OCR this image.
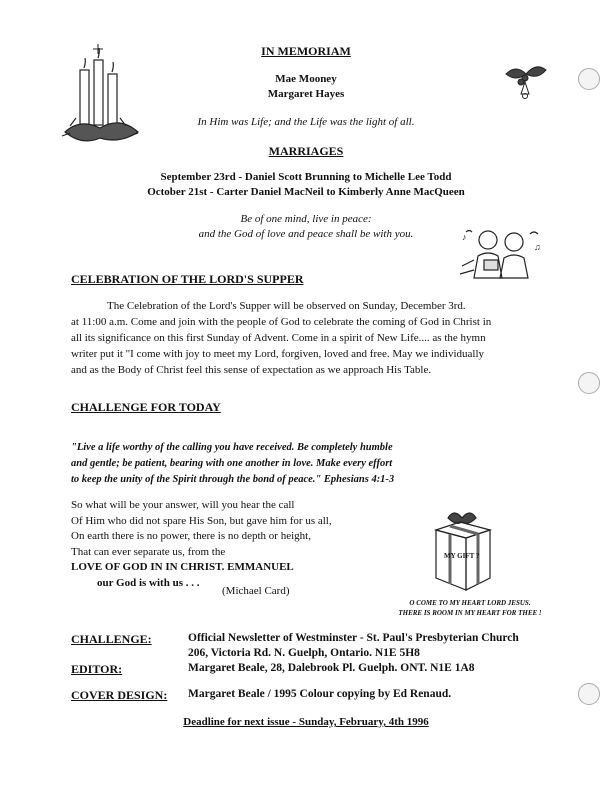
♪
♫
MY GIFT ?
IN MEMORIAM
Mae Mooney
Margaret Hayes
In Him was Life; and the Life was the light of all.
MARRIAGES
September 23rd - Daniel Scott Brunning to Michelle Lee Todd
October 21st - Carter Daniel MacNeil to Kimberly Anne MacQueen
Be of one mind, live in peace:
and the God of love and peace shall be with you.
CELEBRATION OF THE LORD'S SUPPER

The Celebration of the Lord's Supper will be observed on Sunday, December 3rd.

at 11:00 a.m. Come and join with the people of God to celebrate the coming of God in Christ in

all its significance on this first Sunday of Advent. Come in a spirit of New Life.... as the hymn

writer put it "I come with joy to meet my Lord, forgiven, loved and free. May we individually

and as the Body of Christ feel this sense of expectation as we approach His Table.

CHALLENGE FOR TODAY

"Live a life worthy of the calling you have received. Be completely humble

and gentle; be patient, bearing with one another in love. Make every effort

to keep the unity of the Spirit through the bond of peace." Ephesians 4:1-3

So what will be your answer, will you hear the call

Of Him who did not spare His Son, but gave him for us all,

On earth there is no power, there is no depth or height,

That can ever separate us, from the

LOVE OF GOD IN IN CHRIST. EMMANUEL

our God is with us . . .

(Michael Card)
O COME TO MY HEART LORD JESUS.
THERE IS ROOM IN MY HEART FOR THEE !
CHALLENGE:	Official Newsletter of Westminster - St. Paul's Presbyterian Church
206, Victoria Rd. N. Guelph, Ontario. N1E 5H8
EDITOR:	Margaret Beale, 28, Dalebrook Pl. Guelph. ONT. N1E 1A8
COVER DESIGN: Margaret Beale / 1995 Colour copying by Ed Renaud.
Deadline for next issue - Sunday, February, 4th 1996
